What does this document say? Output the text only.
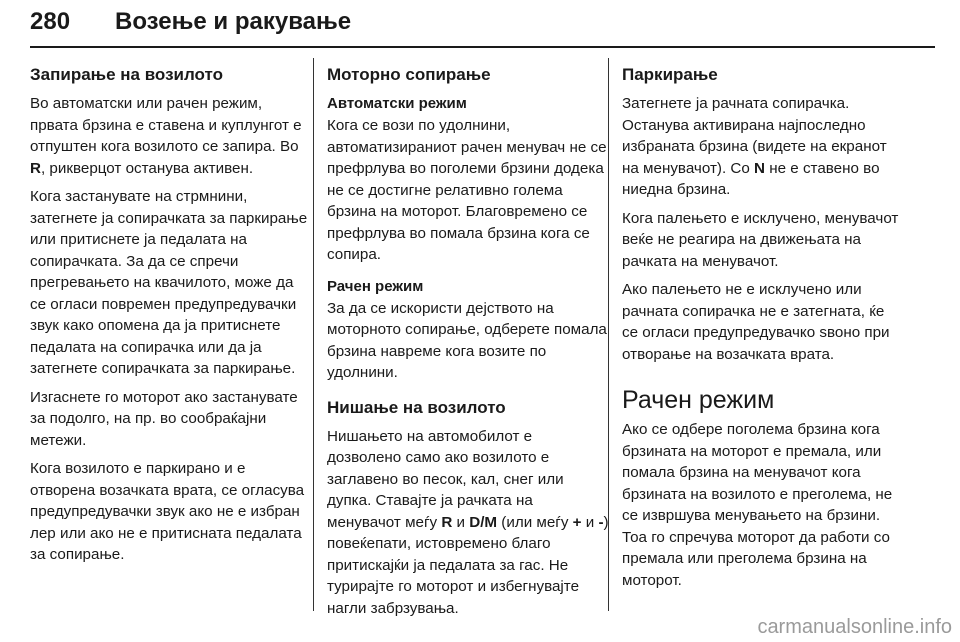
280 Возење и ракување
Запирање на возилото

Во автоматски или рачен режим, првата брзина е ставена и куплунгот е отпуштен кога возилото се запира. Во R, рикверцот останува активен.

Кога застанувате на стрмнини, затегнете ја сопирачката за паркирање или притиснете ја педалата на сопирачката. За да се спречи прегревањето на квачилото, може да се огласи повремен предупредувачки звук како опомена да ја притиснете педалата на сопирачка или да ја затегнете сопирачката за паркирање.

Изгаснете го моторот ако застанувате за подолго, на пр. во сообраќајни метежи.

Кога возилото е паркирано и е отворена возачката врата, се огласува предупредувачки звук ако не е избран лер или ако не е притисната педалата за сопирање.

Моторно сопирање
Автоматски режим

Кога се вози по удолнини, автоматизираниот рачен менувач не се префрлува во поголеми брзини додека не се достигне релативно голема брзина на моторот. Благовремено се префрлува во помала брзина кога се сопира.

Рачен режим

За да се искористи дејството на моторното сопирање, одберете помала брзина навреме кога возите по удолнини.

Нишање на возилото

Нишањето на автомобилот е дозволено само ако возилото е заглавено во песок, кал, снег или дупка. Ставајте ја рачката на менувачот меѓу R и D/M (или меѓу + и -) повеќепати, истовремено благо притискајќи ја педалата за гас. Не турирајте го моторот и избегнувајте нагли забрзувања.

Паркирање

Затегнете ја рачната сопирачка. Останува активирана најпоследно избраната брзина (видете на екранот на менувачот). Со N не е ставено во ниедна брзина.

Кога палењето е исклучено, менувачот веќе не реагира на движењата на рачката на менувачот.

Ако палењето не е исклучено или рачната сопирачка не е затегната, ќе се огласи предупредувачко ѕвоно при отворање на возачката врата.

Рачен режим

Ако се одбере поголема брзина кога брзината на моторот е премала, или помала брзина на менувачот кога брзината на возилото е преголема, не се извршува менувањето на брзини. Тоа го спречува моторот да работи со премала или преголема брзина на моторот.

carmanualsonline.info
